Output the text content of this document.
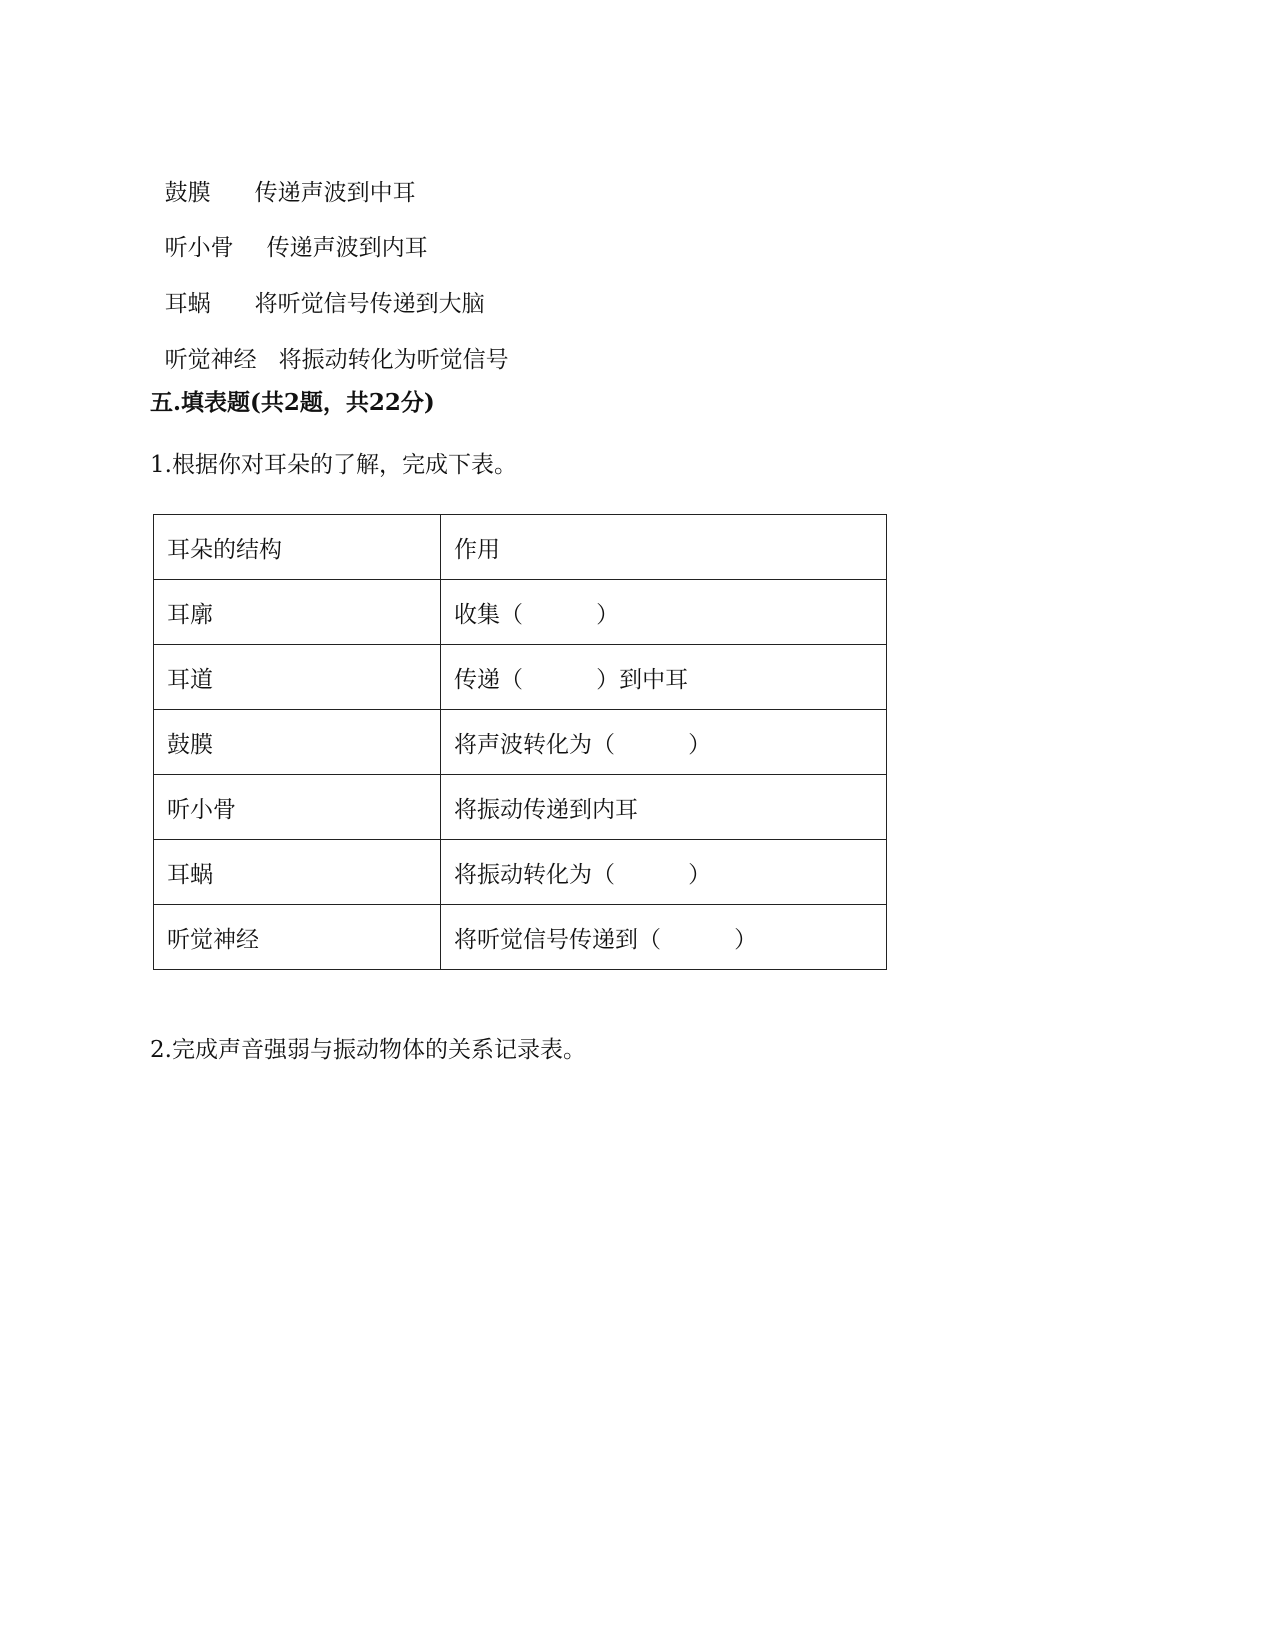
鼓膜 传递声波到中耳

听小骨 传递声波到内耳

耳蜗 将听觉信号传递到大脑

听觉神经 将振动转化为听觉信号

五.填表题(共2题，共22分)
1.根据你对耳朵的了解，完成下表。
耳朵的结构	作用
耳廓	收集（          ）
耳道	传递（          ）到中耳
鼓膜	将声波转化为（          ）
听小骨	将振动传递到内耳
耳蜗	将振动转化为（          ）
听觉神经	将听觉信号传递到（          ）
2.完成声音强弱与振动物体的关系记录表。
